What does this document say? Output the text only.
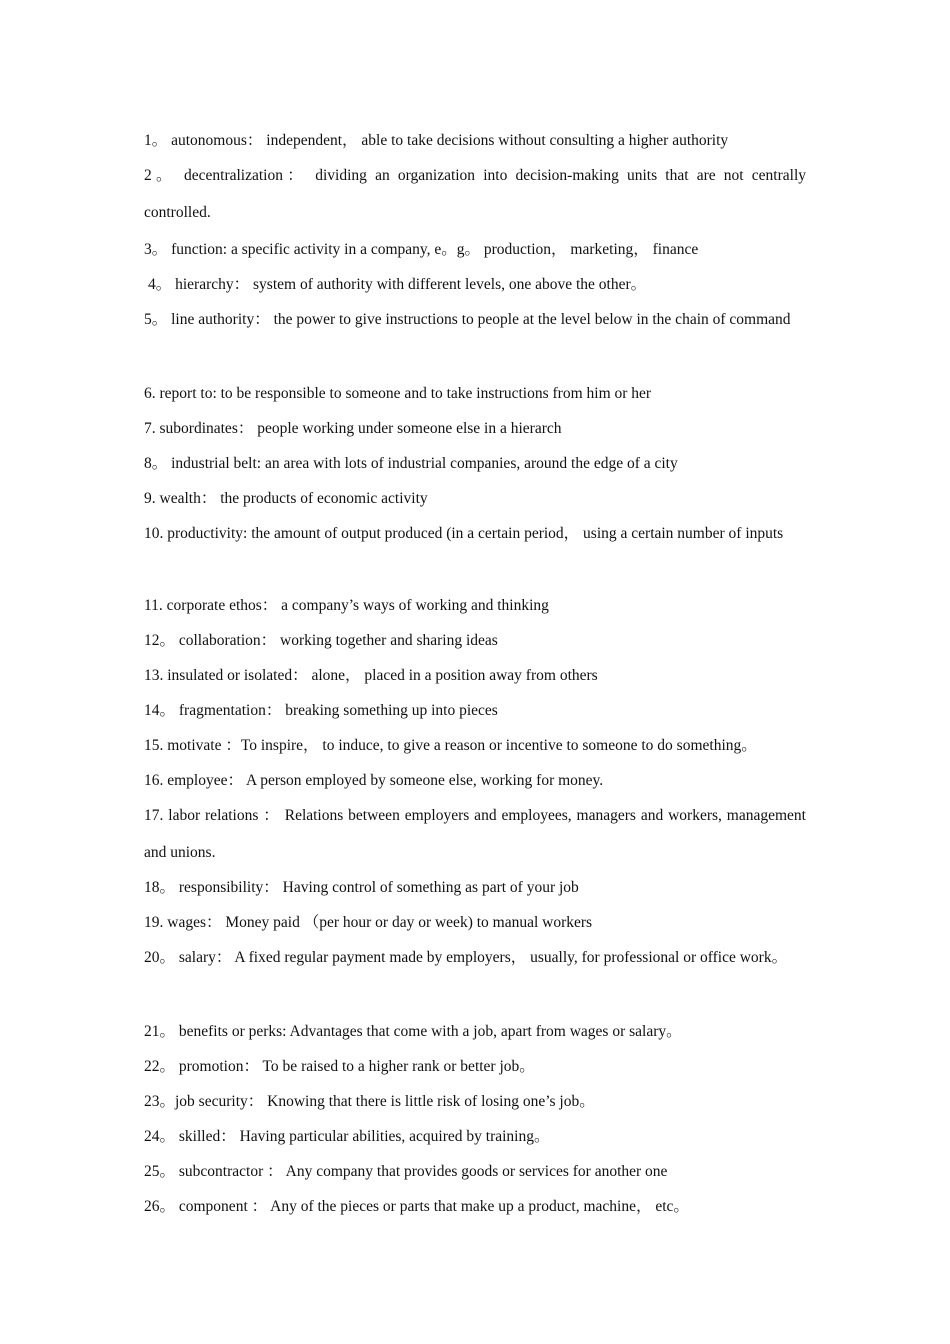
1。 autonomous： independent， able to take decisions without consulting a higher authority

2。 decentralization： dividing an organization into decision-making units that are not centrally controlled.

3。 function: a specific activity in a company, e。g。 production， marketing， finance

4。 hierarchy： system of authority with different levels, one above the other。

5。 line authority： the power to give instructions to people at the level below in the chain of command

6. report to: to be responsible to someone and to take instructions from him or her

7. subordinates： people working under someone else in a hierarch

8。 industrial belt: an area with lots of industrial companies, around the edge of a city

9. wealth： the products of economic activity

10. productivity: the amount of output produced (in a certain period， using a certain number of inputs

11. corporate ethos： a company’s ways of working and thinking

12。 collaboration： working together and sharing ideas

13. insulated or isolated： alone， placed in a position away from others

14。 fragmentation： breaking something up into pieces

15. motivate ：To inspire， to induce, to give a reason or incentive to someone to do something。

16. employee： A person employed by someone else, working for money.

17. labor relations ： Relations between employers and employees, managers and workers, management and unions.

18。 responsibility： Having control of something as part of your job

19. wages： Money paid （per hour or day or week) to manual workers

20。 salary： A fixed regular payment made by employers， usually, for professional or office work。

21。 benefits or perks: Advantages that come with a job, apart from wages or salary。

22。 promotion： To be raised to a higher rank or better job。

23。job security： Knowing that there is little risk of losing one’s job。

24。 skilled： Having particular abilities, acquired by training。

25。 subcontractor ： Any company that provides goods or services for another one

26。 component ： Any of the pieces or parts that make up a product, machine， etc。
